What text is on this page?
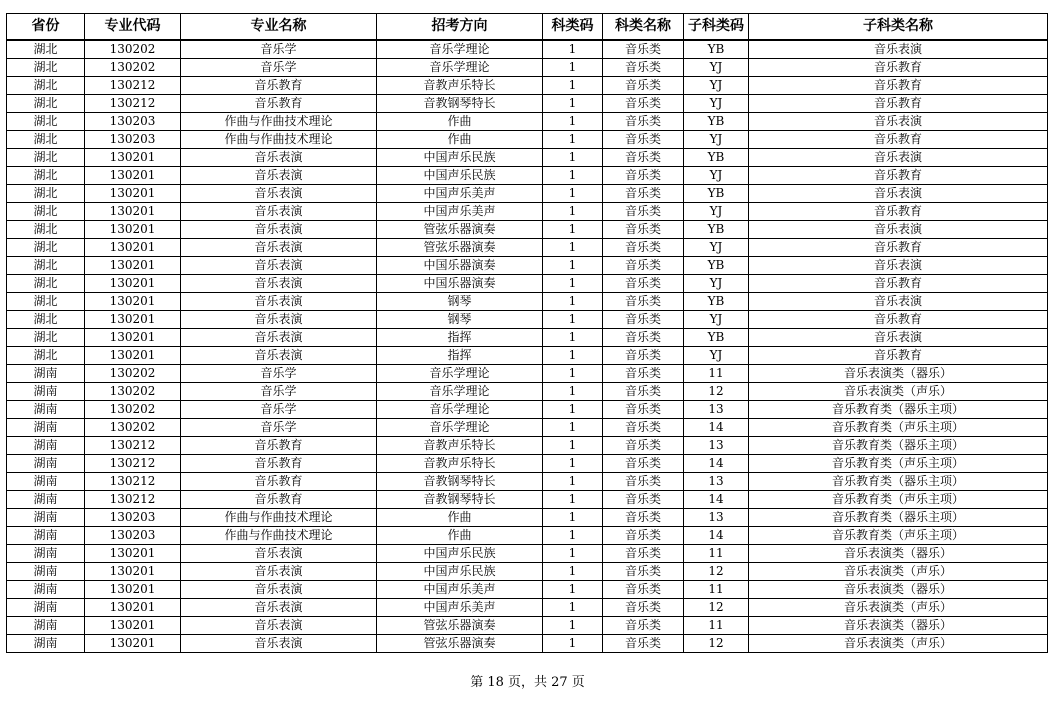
省份	专业代码	专业名称	招考方向	科类码	科类名称	子科类码	子科类名称
湖北	130202	音乐学	音乐学理论	1	音乐类	YB	音乐表演
湖北	130202	音乐学	音乐学理论	1	音乐类	YJ	音乐教育
湖北	130212	音乐教育	音教声乐特长	1	音乐类	YJ	音乐教育
湖北	130212	音乐教育	音教钢琴特长	1	音乐类	YJ	音乐教育
湖北	130203	作曲与作曲技术理论	作曲	1	音乐类	YB	音乐表演
湖北	130203	作曲与作曲技术理论	作曲	1	音乐类	YJ	音乐教育
湖北	130201	音乐表演	中国声乐民族	1	音乐类	YB	音乐表演
湖北	130201	音乐表演	中国声乐民族	1	音乐类	YJ	音乐教育
湖北	130201	音乐表演	中国声乐美声	1	音乐类	YB	音乐表演
湖北	130201	音乐表演	中国声乐美声	1	音乐类	YJ	音乐教育
湖北	130201	音乐表演	管弦乐器演奏	1	音乐类	YB	音乐表演
湖北	130201	音乐表演	管弦乐器演奏	1	音乐类	YJ	音乐教育
湖北	130201	音乐表演	中国乐器演奏	1	音乐类	YB	音乐表演
湖北	130201	音乐表演	中国乐器演奏	1	音乐类	YJ	音乐教育
湖北	130201	音乐表演	钢琴	1	音乐类	YB	音乐表演
湖北	130201	音乐表演	钢琴	1	音乐类	YJ	音乐教育
湖北	130201	音乐表演	指挥	1	音乐类	YB	音乐表演
湖北	130201	音乐表演	指挥	1	音乐类	YJ	音乐教育
湖南	130202	音乐学	音乐学理论	1	音乐类	11	音乐表演类（器乐）
湖南	130202	音乐学	音乐学理论	1	音乐类	12	音乐表演类（声乐）
湖南	130202	音乐学	音乐学理论	1	音乐类	13	音乐教育类（器乐主项）
湖南	130202	音乐学	音乐学理论	1	音乐类	14	音乐教育类（声乐主项）
湖南	130212	音乐教育	音教声乐特长	1	音乐类	13	音乐教育类（器乐主项）
湖南	130212	音乐教育	音教声乐特长	1	音乐类	14	音乐教育类（声乐主项）
湖南	130212	音乐教育	音教钢琴特长	1	音乐类	13	音乐教育类（器乐主项）
湖南	130212	音乐教育	音教钢琴特长	1	音乐类	14	音乐教育类（声乐主项）
湖南	130203	作曲与作曲技术理论	作曲	1	音乐类	13	音乐教育类（器乐主项）
湖南	130203	作曲与作曲技术理论	作曲	1	音乐类	14	音乐教育类（声乐主项）
湖南	130201	音乐表演	中国声乐民族	1	音乐类	11	音乐表演类（器乐）
湖南	130201	音乐表演	中国声乐民族	1	音乐类	12	音乐表演类（声乐）
湖南	130201	音乐表演	中国声乐美声	1	音乐类	11	音乐表演类（器乐）
湖南	130201	音乐表演	中国声乐美声	1	音乐类	12	音乐表演类（声乐）
湖南	130201	音乐表演	管弦乐器演奏	1	音乐类	11	音乐表演类（器乐）
湖南	130201	音乐表演	管弦乐器演奏	1	音乐类	12	音乐表演类（声乐）
第 18 页，共 27 页
